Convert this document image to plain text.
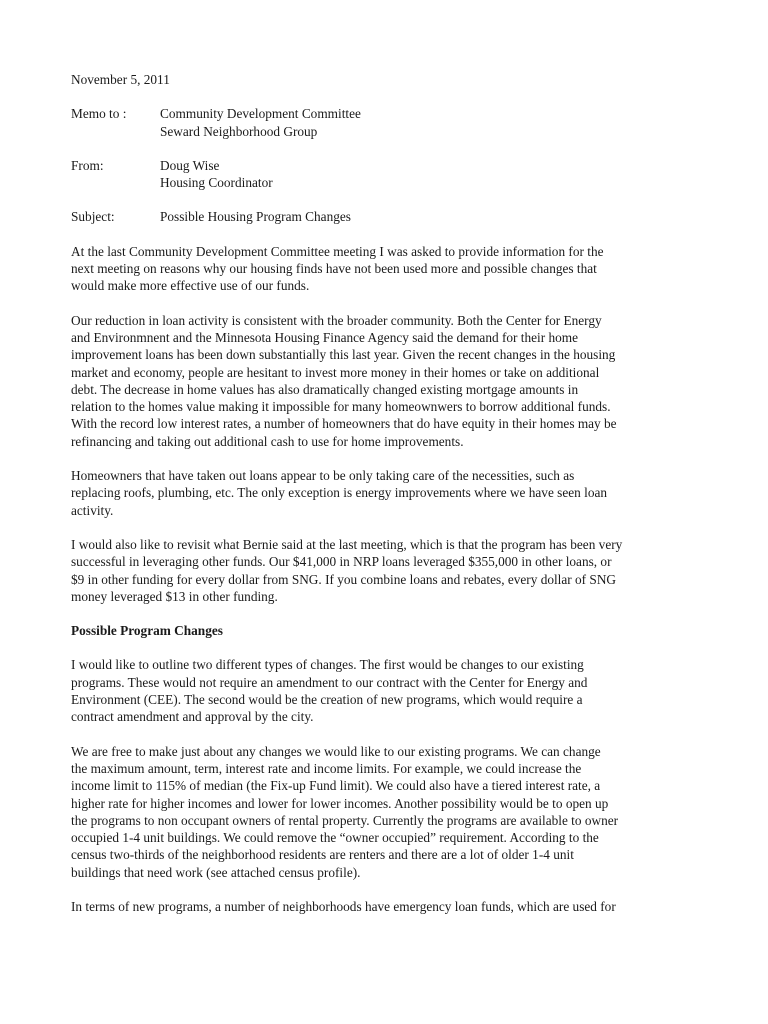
November 5, 2011
Memo to :	Community Development Committee
Seward Neighborhood Group
From:	Doug Wise
Housing Coordinator
Subject:	Possible Housing Program Changes

At the last Community Development Committee meeting I was asked to provide information for the
next meeting on reasons why our housing finds have not been used more and possible changes that
would make more effective use of our funds.

Our reduction in loan activity is consistent with the broader community. Both the Center for Energy
and Environmnent and the Minnesota Housing Finance Agency said the demand for their home
improvement loans has been down substantially this last year. Given the recent changes in the housing
market and economy, people are hesitant to invest more money in their homes or take on additional
debt. The decrease in home values has also dramatically changed existing mortgage amounts in
relation to the homes value making it impossible for many homeownwers to borrow additional funds.
With the record low interest rates, a number of homeowners that do have equity in their homes may be
refinancing and taking out additional cash to use for home improvements.

Homeowners that have taken out loans appear to be only taking care of the necessities, such as
replacing roofs, plumbing, etc. The only exception is energy improvements where we have seen loan
activity.

I would also like to revisit what Bernie said at the last meeting, which is that the program has been very
successful in leveraging other funds. Our $41,000 in NRP loans leveraged $355,000 in other loans, or
$9 in other funding for every dollar from SNG. If you combine loans and rebates, every dollar of SNG
money leveraged $13 in other funding.

Possible Program Changes

I would like to outline two different types of changes. The first would be changes to our existing
programs. These would not require an amendment to our contract with the Center for Energy and
Environment (CEE). The second would be the creation of new programs, which would require a
contract amendment and approval by the city.

We are free to make just about any changes we would like to our existing programs. We can change
the maximum amount, term, interest rate and income limits. For example, we could increase the
income limit to 115% of median (the Fix-up Fund limit). We could also have a tiered interest rate, a
higher rate for higher incomes and lower for lower incomes. Another possibility would be to open up
the programs to non occupant owners of rental property. Currently the programs are available to owner
occupied 1-4 unit buildings. We could remove the “owner occupied” requirement. According to the
census two-thirds of the neighborhood residents are renters and there are a lot of older 1-4 unit
buildings that need work (see attached census profile).

In terms of new programs, a number of neighborhoods have emergency loan funds, which are used for
